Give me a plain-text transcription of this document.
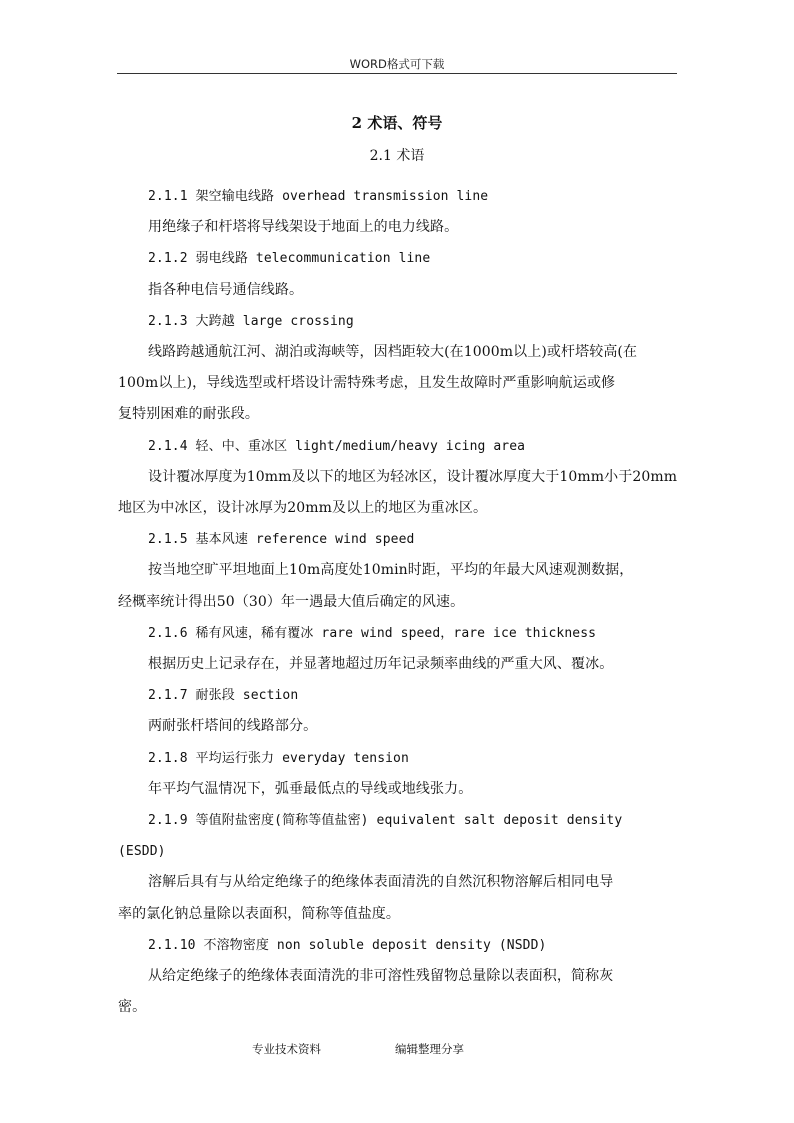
WORD格式可下载
2 术语、符号
2.1 术语
2.1.1 架空输电线路 overhead transmission line
用绝缘子和杆塔将导线架设于地面上的电力线路。
2.1.2 弱电线路 telecommunication line
指各种电信号通信线路。
2.1.3 大跨越 large crossing
线路跨越通航江河、湖泊或海峡等，因档距较大(在1000m以上)或杆塔较高(在
100m以上)，导线选型或杆塔设计需特殊考虑，且发生故障时严重影响航运或修
复特别困难的耐张段。
2.1.4 轻、中、重冰区 light/medium/heavy icing area
设计覆冰厚度为10mm及以下的地区为轻冰区，设计覆冰厚度大于10mm小于20mm
地区为中冰区，设计冰厚为20mm及以上的地区为重冰区。
2.1.5 基本风速 reference wind speed
按当地空旷平坦地面上10m高度处10min时距，平均的年最大风速观测数据，
经概率统计得出50（30）年一遇最大值后确定的风速。
2.1.6 稀有风速，稀有覆冰 rare wind speed，rare ice thickness
根据历史上记录存在，并显著地超过历年记录频率曲线的严重大风、覆冰。
2.1.7 耐张段 section
两耐张杆塔间的线路部分。
2.1.8 平均运行张力 everyday tension
年平均气温情况下，弧垂最低点的导线或地线张力。
2.1.9 等值附盐密度(简称等值盐密) equivalent salt deposit density
(ESDD)
溶解后具有与从给定绝缘子的绝缘体表面清洗的自然沉积物溶解后相同电导
率的氯化钠总量除以表面积，简称等值盐度。
2.1.10 不溶物密度 non soluble deposit density (NSDD)
从给定绝缘子的绝缘体表面清洗的非可溶性残留物总量除以表面积，简称灰
密。
专业技术资料	编辑整理分享
